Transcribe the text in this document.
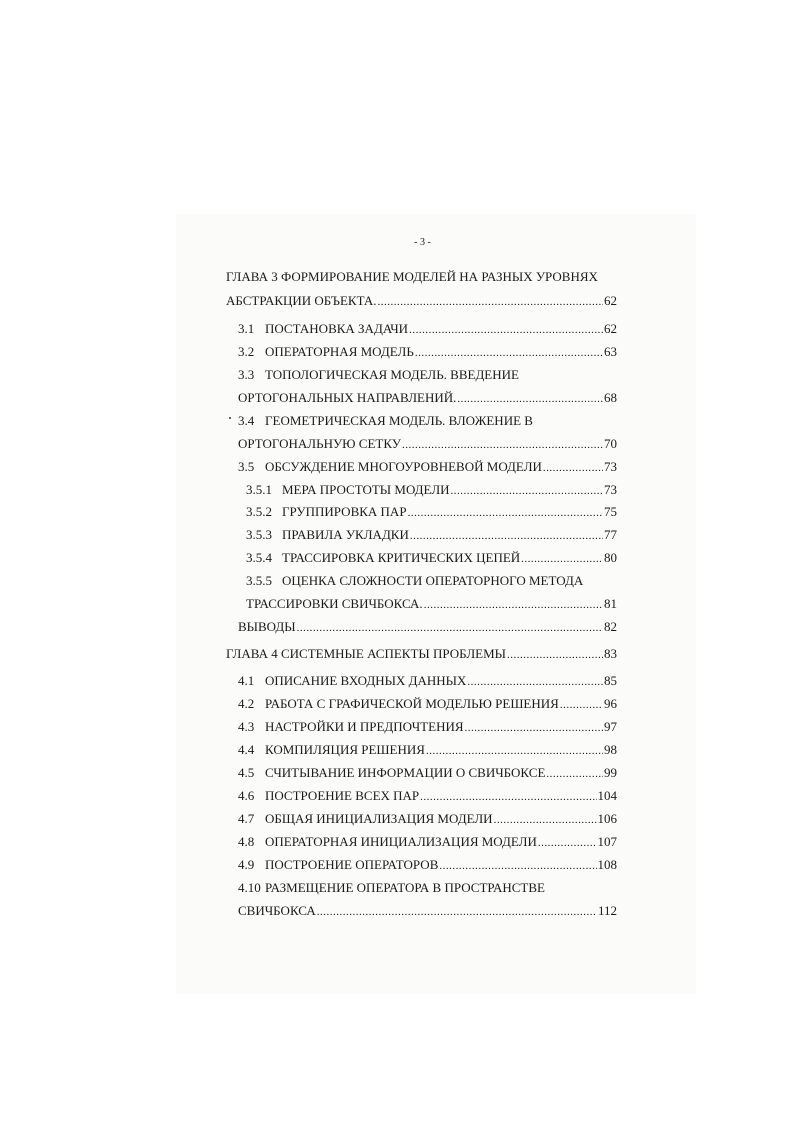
- 3 -
ГЛАВА 3 ФОРМИРОВАНИЕ МОДЕЛЕЙ НА РАЗНЫХ УРОВНЯХ
АБСТРАКЦИИ ОБЪЕКТА. .....	62
3.1 ПОСТАНОВКА ЗАДАЧИ .....	62
3.2 ОПЕРАТОРНАЯ МОДЕЛЬ .....	63
3.3 ТОПОЛОГИЧЕСКАЯ МОДЕЛЬ. ВВЕДЕНИЕ
ОРТОГОНАЛЬНЫХ НАПРАВЛЕНИЙ. .....	68
3.4 ГЕОМЕТРИЧЕСКАЯ МОДЕЛЬ. ВЛОЖЕНИЕ В
ОРТОГОНАЛЬНУЮ СЕТКУ .....	70
3.5 ОБСУЖДЕНИЕ МНОГОУРОВНЕВОЙ МОДЕЛИ .....	73
3.5.1 МЕРА ПРОСТОТЫ МОДЕЛИ .....	73
3.5.2 ГРУППИРОВКА ПАР .....	75
3.5.3 ПРАВИЛА УКЛАДКИ .....	77
3.5.4 ТРАССИРОВКА КРИТИЧЕСКИХ ЦЕПЕЙ .....	80
3.5.5 ОЦЕНКА СЛОЖНОСТИ ОПЕРАТОРНОГО МЕТОДА
ТРАССИРОВКИ СВИЧБОКСА. .....	81
ВЫВОДЫ .....	82
ГЛАВА 4 СИСТЕМНЫЕ АСПЕКТЫ ПРОБЛЕМЫ .....	83
4.1 ОПИСАНИЕ ВХОДНЫХ ДАННЫХ .....	85
4.2 РАБОТА С ГРАФИЧЕСКОЙ МОДЕЛЬЮ РЕШЕНИЯ .....	96
4.3 НАСТРОЙКИ И ПРЕДПОЧТЕНИЯ .....	97
4.4 КОМПИЛЯЦИЯ РЕШЕНИЯ .....	98
4.5 СЧИТЫВАНИЕ ИНФОРМАЦИИ О СВИЧБОКСЕ .....	99
4.6 ПОСТРОЕНИЕ ВСЕХ ПАР .....	104
4.7 ОБЩАЯ ИНИЦИАЛИЗАЦИЯ МОДЕЛИ .....	106
4.8 ОПЕРАТОРНАЯ ИНИЦИАЛИЗАЦИЯ МОДЕЛИ .....	107
4.9 ПОСТРОЕНИЕ ОПЕРАТОРОВ .....	108
4.10 РАЗМЕЩЕНИЕ ОПЕРАТОРА В ПРОСТРАНСТВЕ
СВИЧБОКСА .....	112
